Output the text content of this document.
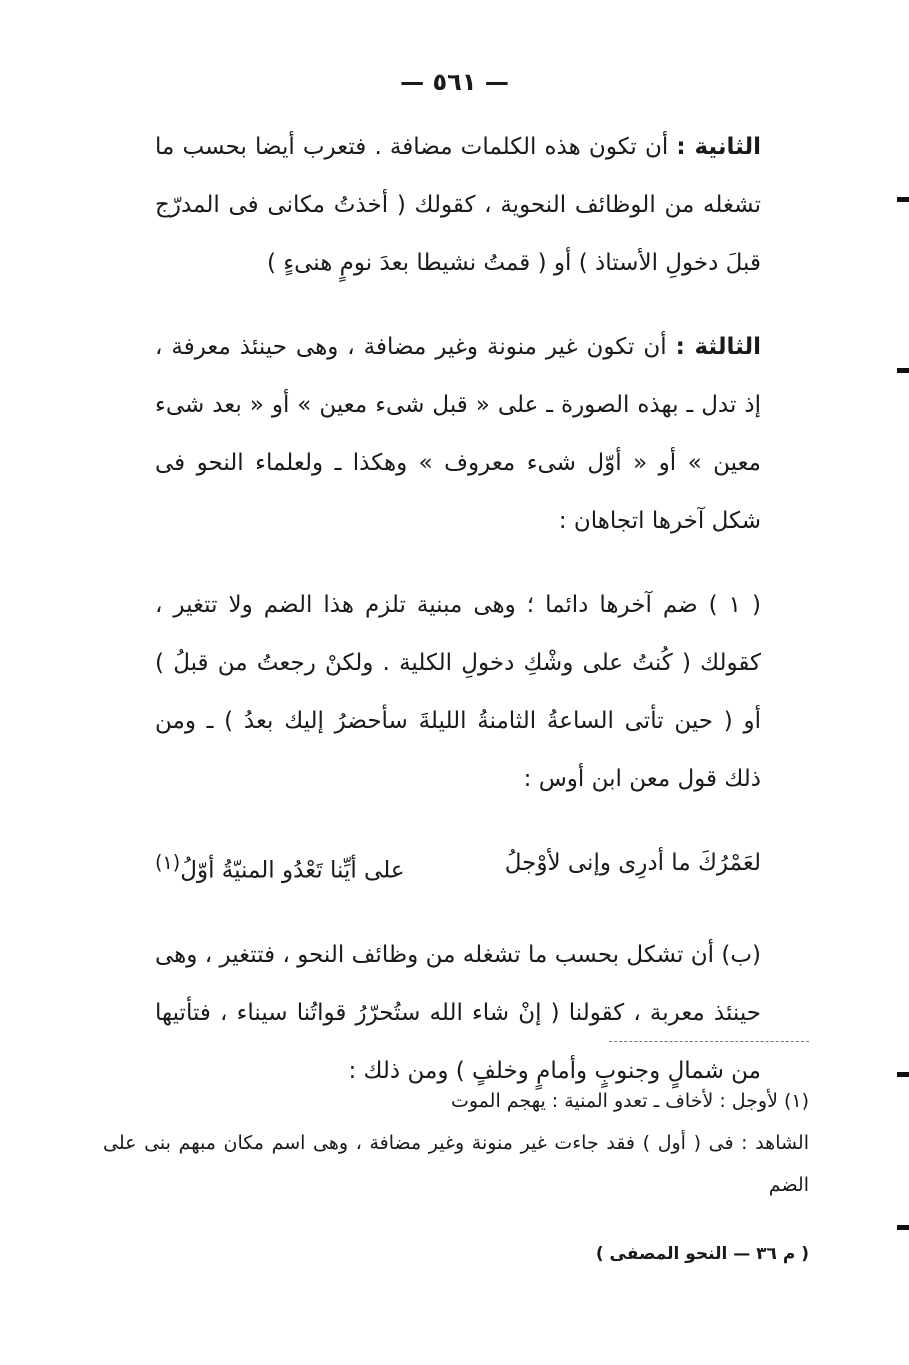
— ٥٦١ —

الثانية : أن تكون هذه الكلمات مضافة . فتعرب أيضا بحسب ما تشغله من الوظائف النحوية ، كقولك ( أخذتُ مكانى فى المدرّج قبلَ دخولِ الأستاذ ) أو ( قمتُ نشيطا بعدَ نومٍ هنىءٍ )

الثالثة : أن تكون غير منونة وغير مضافة ، وهى حينئذ معرفة ، إذ تدل ـ بهذه الصورة ـ على « قبل شىء معين » أو « بعد شىء معين » أو « أوّل شىء معروف » وهكذا ـ ولعلماء النحو فى شكل آخرها اتجاهان :

( ١ ) ضم آخرها دائما ؛ وهى مبنية تلزم هذا الضم ولا تتغير ، كقولك ( كُنتُ على وشْكِ دخولِ الكلية . ولكنْ رجعتُ من قبلُ ) أو ( حين تأتى الساعةُ الثامنةُ الليلةَ سأحضرُ إليك بعدُ ) ـ ومن ذلك قول معن ابن أوس :

لعَمْرُكَ ما أدرِى وإنى لأوْجلُ
على أيِّنا تَعْدُو المنيّةُ أوّلُ$^{(١)}$

(ب) أن تشكل بحسب ما تشغله من وظائف النحو ، فتتغير ، وهى حينئذ معربة ، كقولنا ( إنْ شاء الله ستُحرّرُ قواتُنا سيناء ، فتأتيها من شمالٍ وجنوبٍ وأمامٍ وخلفٍ ) ومن ذلك :

(١) لأوجل : لأخاف ـ تعدو المنية : يهجم الموت

الشاهد : فى ( أول ) فقد جاءت غير منونة وغير مضافة ، وهى اسم مكان مبهم بنى على الضم

( م ٣٦ — النحو المصفى )
